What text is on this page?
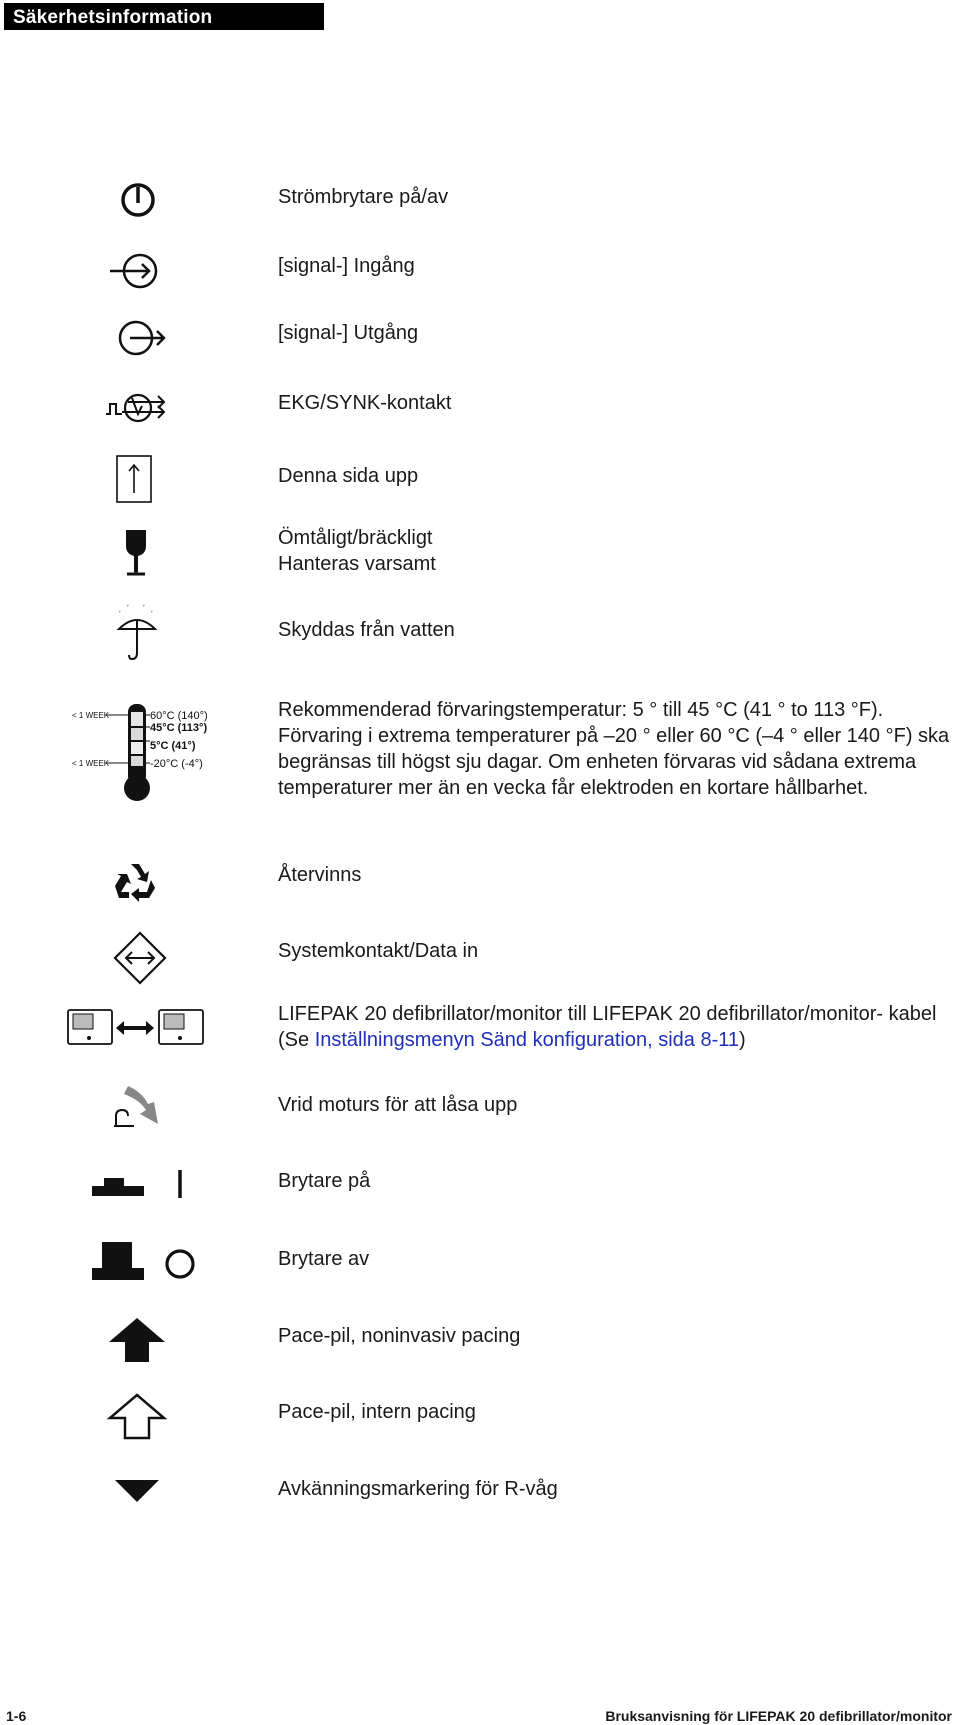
Säkerhetsinformation
Strömbrytare på/av
[signal-] Ingång
[signal-] Utgång
EKG/SYNK-kontakt
Denna sida upp
Ömtåligt/bräckligt
Hanteras varsamt
ʼ
ʼ ʼ ʼ
ʼ
Skyddas från vatten
< 1 WEEK
< 1 WEEK
60°C (140°)
45°C (113°)
5°C (41°)
-20°C (-4°)
Rekommenderad förvaringstemperatur: 5 ° till 45 °C (41 ° to 113 °F).
Förvaring i extrema temperaturer på –20 ° eller 60 °C (–4 ° eller 140 °F) ska
begränsas till högst sju dagar. Om enheten förvaras vid sådana extrema
temperaturer mer än en vecka får elektroden en kortare hållbarhet.
Återvinns
Systemkontakt/Data in
LIFEPAK 20 defibrillator/monitor till LIFEPAK 20 defibrillator/monitor- kabel
(Se Inställningsmenyn Sänd konfiguration, sida 8-11)
Vrid moturs för att låsa upp
Brytare på
Brytare av
Pace-pil, noninvasiv pacing
Pace-pil, intern pacing
Avkänningsmarkering för R-våg
1-6	Bruksanvisning för LIFEPAK 20 defibrillator/monitor
